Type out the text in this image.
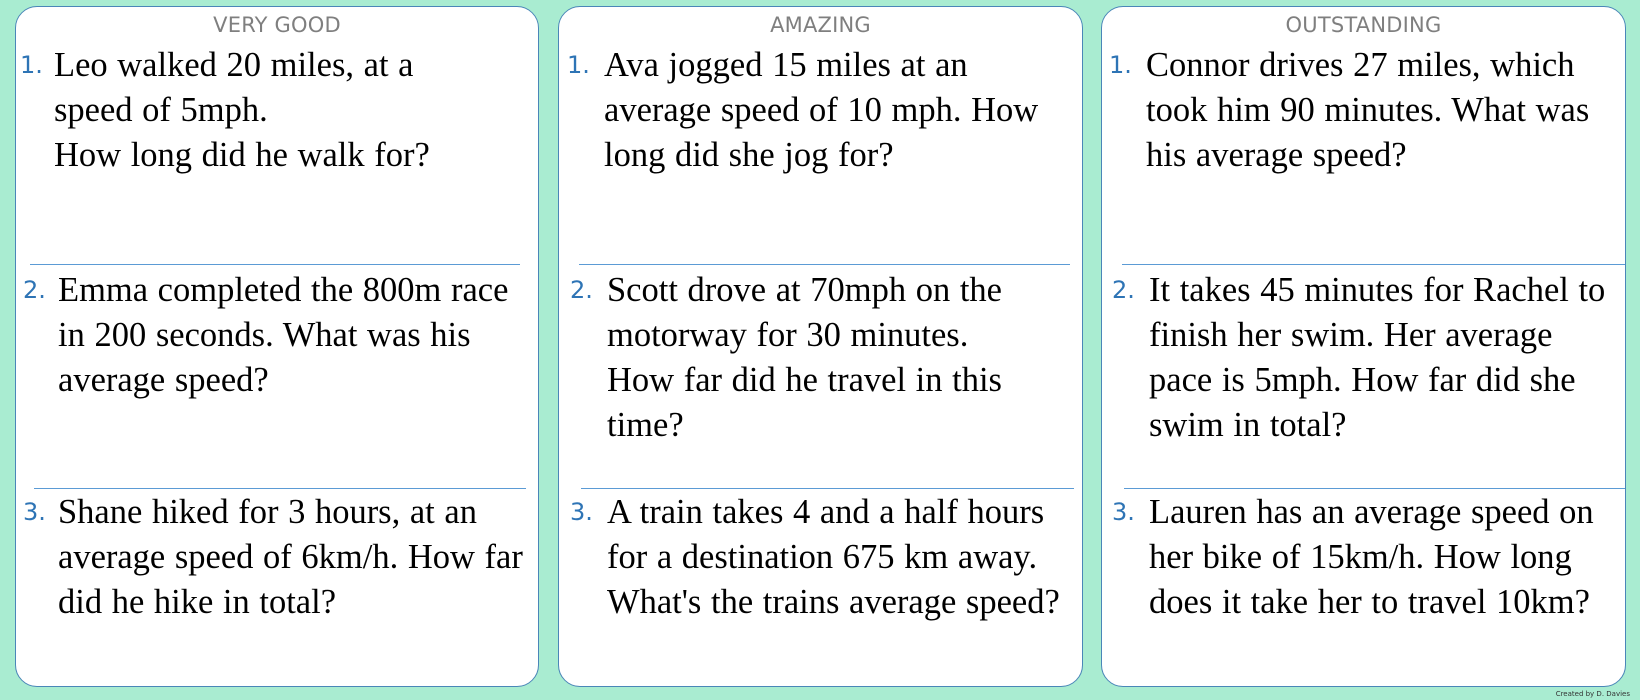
VERY GOOD
1. Leo walked 20 miles, at a
speed of 5mph.
How long did he walk for?

2. Emma completed the 800m race in 200 seconds. What was his average speed?

3. Shane hiked for 3 hours, at an average speed of 6km/h. How far did he hike in total?

AMAZING
1. Ava jogged 15 miles at an average speed of 10 mph. How long did she jog for?

2. Scott drove at 70mph on the motorway for 30 minutes.
How far did he travel in this time?

3. A train takes 4 and a half hours for a destination 675 km away.
What's the trains average speed?

OUTSTANDING
1. Connor drives 27 miles, which took him 90 minutes. What was his average speed?

2. It takes 45 minutes for Rachel to finish her swim. Her average pace is 5mph. How far did she swim in total?

3. Lauren has an average speed on her bike of 15km/h. How long does it take her to travel 10km?

Created by D. Davies
